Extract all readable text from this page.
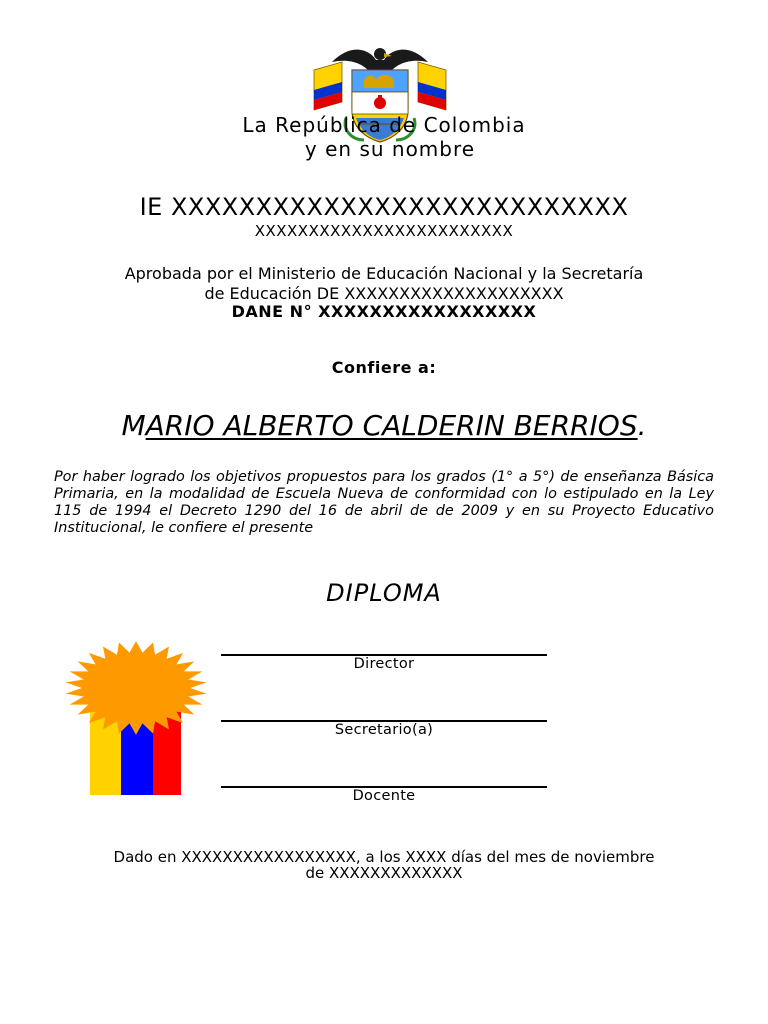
La República de Colombia
y en su nombre
IE XXXXXXXXXXXXXXXXXXXXXXXXXXX
XXXXXXXXXXXXXXXXXXXXXXXX
Aprobada por el Ministerio de Educación Nacional y la Secretaría
de Educación DE XXXXXXXXXXXXXXXXXXXX
DANE N° XXXXXXXXXXXXXXXXX
Confiere a:
MARIO ALBERTO CALDERIN BERRIOS.
Por haber logrado los objetivos propuestos para los grados (1° a 5°) de enseñanza Básica Primaria, en la modalidad de Escuela Nueva de conformidad con lo estipulado en la Ley 115 de 1994 el Decreto 1290 del 16 de abril de de 2009 y en su Proyecto Educativo Institucional, le confiere el presente
DIPLOMA
Director
Secretario(a)
Docente
Dado en XXXXXXXXXXXXXXXXX, a los XXXX días del mes de noviembre
de XXXXXXXXXXXXX
